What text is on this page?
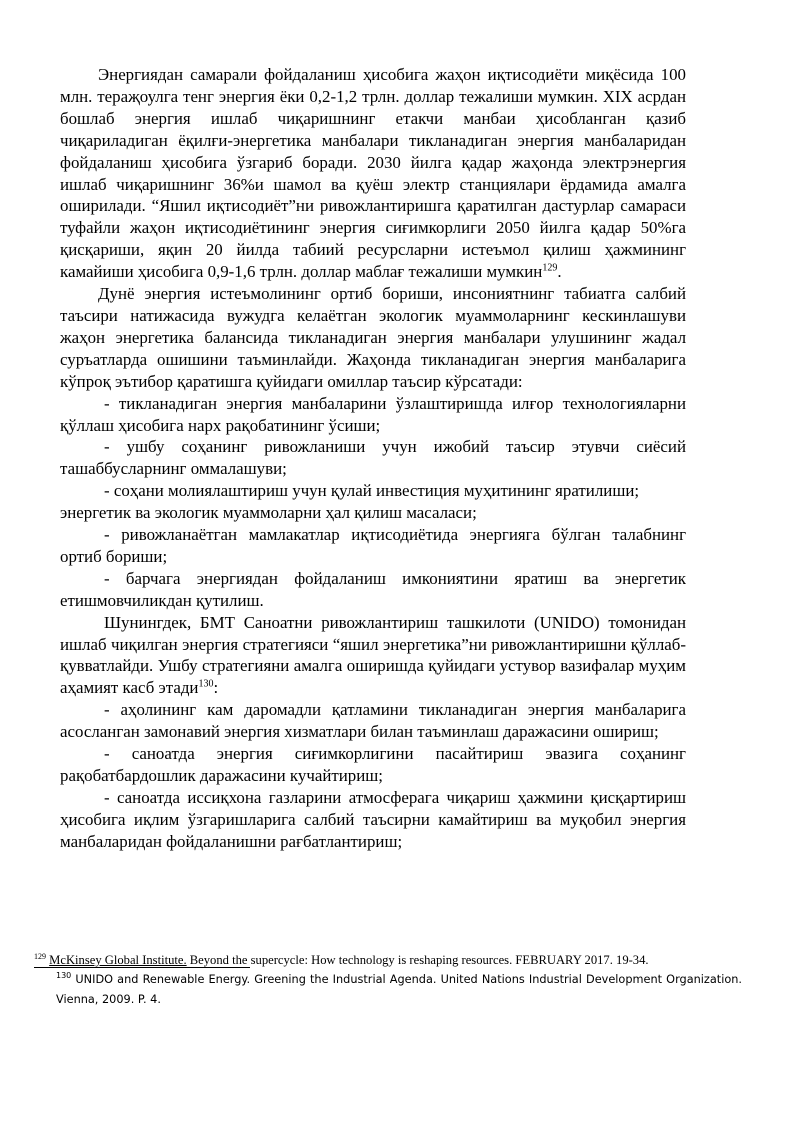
Энергиядан самарали фойдаланиш ҳисобига жаҳон иқтисодиёти миқёсида 100 млн. тераҗоулга тенг энергия ёки 0,2-1,2 трлн. доллар тежалиши мумкин. XIX асрдан бошлаб энергия ишлаб чиқаришнинг етакчи манбаи ҳисобланган қазиб чиқариладиган ёқилғи-энергетика манбалари тикланадиган энергия манбаларидан фойдаланиш ҳисобига ўзгариб боради. 2030 йилга қадар жаҳонда электрэнергия ишлаб чиқаришнинг 36%и шамол ва қуёш электр станциялари ёрдамида амалга оширилади. “Яшил иқтисодиёт”ни ривожлантиришга қаратилган дастурлар самараси туфайли жаҳон иқтисодиётининг энергия сиғимкорлиги 2050 йилга қадар 50%га қисқариши, яқин 20 йилда табиий ресурсларни истеъмол қилиш ҳажмининг камайиши ҳисобига 0,9-1,6 трлн. доллар маблағ тежалиши мумкин$^{129}$.

Дунё энергия истеъмолининг ортиб бориши, инсониятнинг табиатга салбий таъсири натижасида вужудга келаётган экологик муаммоларнинг кескинлашуви жаҳон энергетика балансида тикланадиган энергия манбалари улушининг жадал суръатларда ошишини таъминлайди. Жаҳонда тикланадиган энергия манбаларига кўпроқ эътибор қаратишга қуйидаги омиллар таъсир кўрсатади:

- тикланадиган энергия манбаларини ўзлаштиришда илғор технологияларни қўллаш ҳисобига нарх рақобатининг ўсиши;

- ушбу соҳанинг ривожланиши учун ижобий таъсир этувчи сиёсий ташаббусларнинг оммалашуви;

- соҳани молиялаштириш учун қулай инвестиция муҳитининг яратилиши;

энергетик ва экологик муаммоларни ҳал қилиш масаласи;

- ривожланаётган мамлакатлар иқтисодиётида энергияга бўлган талабнинг ортиб бориши;

- барчага энергиядан фойдаланиш имкониятини яратиш ва энергетик етишмовчиликдан қутилиш.

Шунингдек, БМТ Саноатни ривожлантириш ташкилоти (UNIDO) томонидан ишлаб чиқилган энергия стратегияси “яшил энергетика”ни ривожлантиришни қўллаб-қувватлайди. Ушбу стратегияни амалга оширишда қуйидаги устувор вазифалар муҳим аҳамият касб этади$^{130}$:

- аҳолининг кам даромадли қатламини тикланадиган энергия манбаларига асосланган замонавий энергия хизматлари билан таъминлаш даражасини ошириш;

- саноатда энергия сиғимкорлигини пасайтириш эвазига соҳанинг рақобатбардошлик даражасини кучайтириш;

- саноатда иссиқхона газларини атмосферага чиқариш ҳажмини қисқартириш ҳисобига иқлим ўзгаришларига салбий таъсирни камайтириш ва муқобил энергия манбаларидан фойдаланишни рағбатлантириш;

$^{129}$ McKinsey Global Institute. Beyond the supercycle: How technology is reshaping resources. FEBRUARY 2017. 19-34.
$^{130}$ UNIDO and Renewable Energy. Greening the Industrial Agenda. United Nations Industrial Development Organization. Vienna, 2009. P. 4.
